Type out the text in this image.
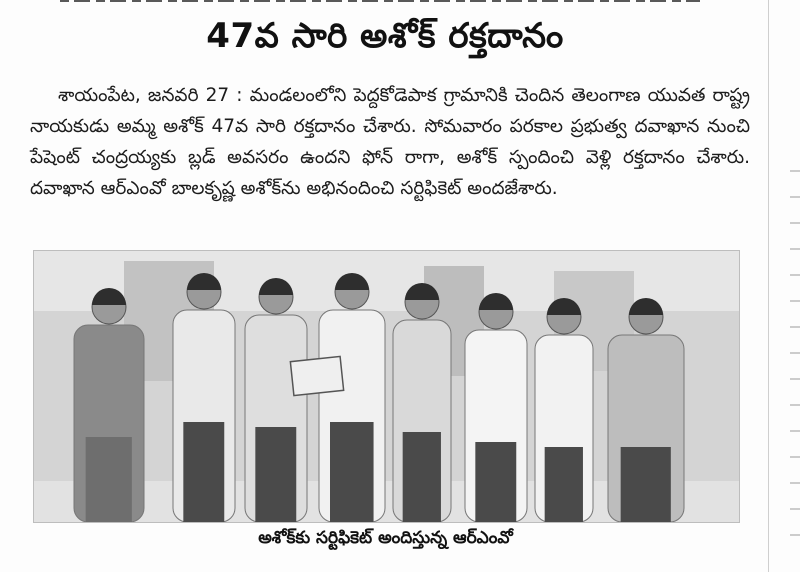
47వ సారి అశోక్ రక్తదానం

శాయంపేట, జనవరి 27 : మండలంలోని పెద్దకోడెపాక గ్రామానికి చెందిన తెలంగాణ యువత రాష్ట్ర నాయకుడు అమ్మ అశోక్ 47వ సారి రక్తదానం చేశారు. సోమవారం పరకాల ప్రభుత్వ దవాఖాన నుంచి పేషెంట్ చంద్రయ్యకు బ్లడ్ అవసరం ఉందని ఫోన్ రాగా, అశోక్ స్పందించి వెళ్లి రక్తదానం చేశారు. దవాఖాన ఆర్‌ఎంవో బాలకృష్ణ అశోక్‌ను అభినందించి సర్టిఫికెట్ అందజేశారు.

అశోక్‌కు సర్టిఫికెట్ అందిస్తున్న ఆర్‌ఎంవో
